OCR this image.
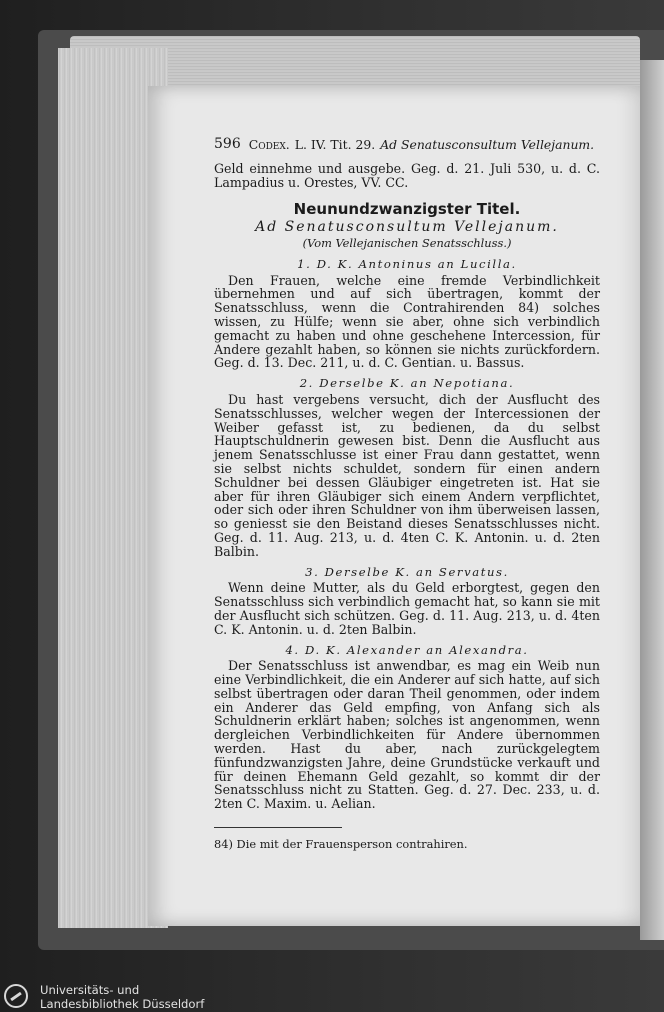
596 Codex. L. IV. Tit. 29. Ad Senatusconsultum Vellejanum.

Geld einnehme und ausgebe. Geg. d. 21. Juli 530, u. d. C. Lampadius u. Orestes, VV. CC.

Neunundzwanzigster Titel.
Ad Senatusconsultum Vellejanum.
(Vom Vellejanischen Senatsschluss.)
1. D. K. Antoninus an Lucilla.

Den Frauen, welche eine fremde Verbindlichkeit übernehmen und auf sich übertragen, kommt der Senatsschluss, wenn die Contrahirenden 84) solches wissen, zu Hülfe; wenn sie aber, ohne sich verbindlich gemacht zu haben und ohne geschehene Intercession, für Andere gezahlt haben, so können sie nichts zurückfordern. Geg. d. 13. Dec. 211, u. d. C. Gentian. u. Bassus.

2. Derselbe K. an Nepotiana.

Du hast vergebens versucht, dich der Ausflucht des Senatsschlusses, welcher wegen der Intercessionen der Weiber gefasst ist, zu bedienen, da du selbst Hauptschuldnerin gewesen bist. Denn die Ausflucht aus jenem Senatsschlusse ist einer Frau dann gestattet, wenn sie selbst nichts schuldet, sondern für einen andern Schuldner bei dessen Gläubiger eingetreten ist. Hat sie aber für ihren Gläubiger sich einem Andern verpflichtet, oder sich oder ihren Schuldner von ihm überweisen lassen, so geniesst sie den Beistand dieses Senatsschlusses nicht. Geg. d. 11. Aug. 213, u. d. 4ten C. K. Antonin. u. d. 2ten Balbin.

3. Derselbe K. an Servatus.

Wenn deine Mutter, als du Geld erborgtest, gegen den Senatsschluss sich verbindlich gemacht hat, so kann sie mit der Ausflucht sich schützen. Geg. d. 11. Aug. 213, u. d. 4ten C. K. Antonin. u. d. 2ten Balbin.

4. D. K. Alexander an Alexandra.

Der Senatsschluss ist anwendbar, es mag ein Weib nun eine Verbindlichkeit, die ein Anderer auf sich hatte, auf sich selbst übertragen oder daran Theil genommen, oder indem ein Anderer das Geld empfing, von Anfang sich als Schuldnerin erklärt haben; solches ist angenommen, wenn dergleichen Verbindlichkeiten für Andere übernommen werden. Hast du aber, nach zurückgelegtem fünfundzwanzigsten Jahre, deine Grundstücke verkauft und für deinen Ehemann Geld gezahlt, so kommt dir der Senatsschluss nicht zu Statten. Geg. d. 27. Dec. 233, u. d. 2ten C. Maxim. u. Aelian.

84) Die mit der Frauensperson contrahiren.

Universitäts- und
Landesbibliothek Düsseldorf
